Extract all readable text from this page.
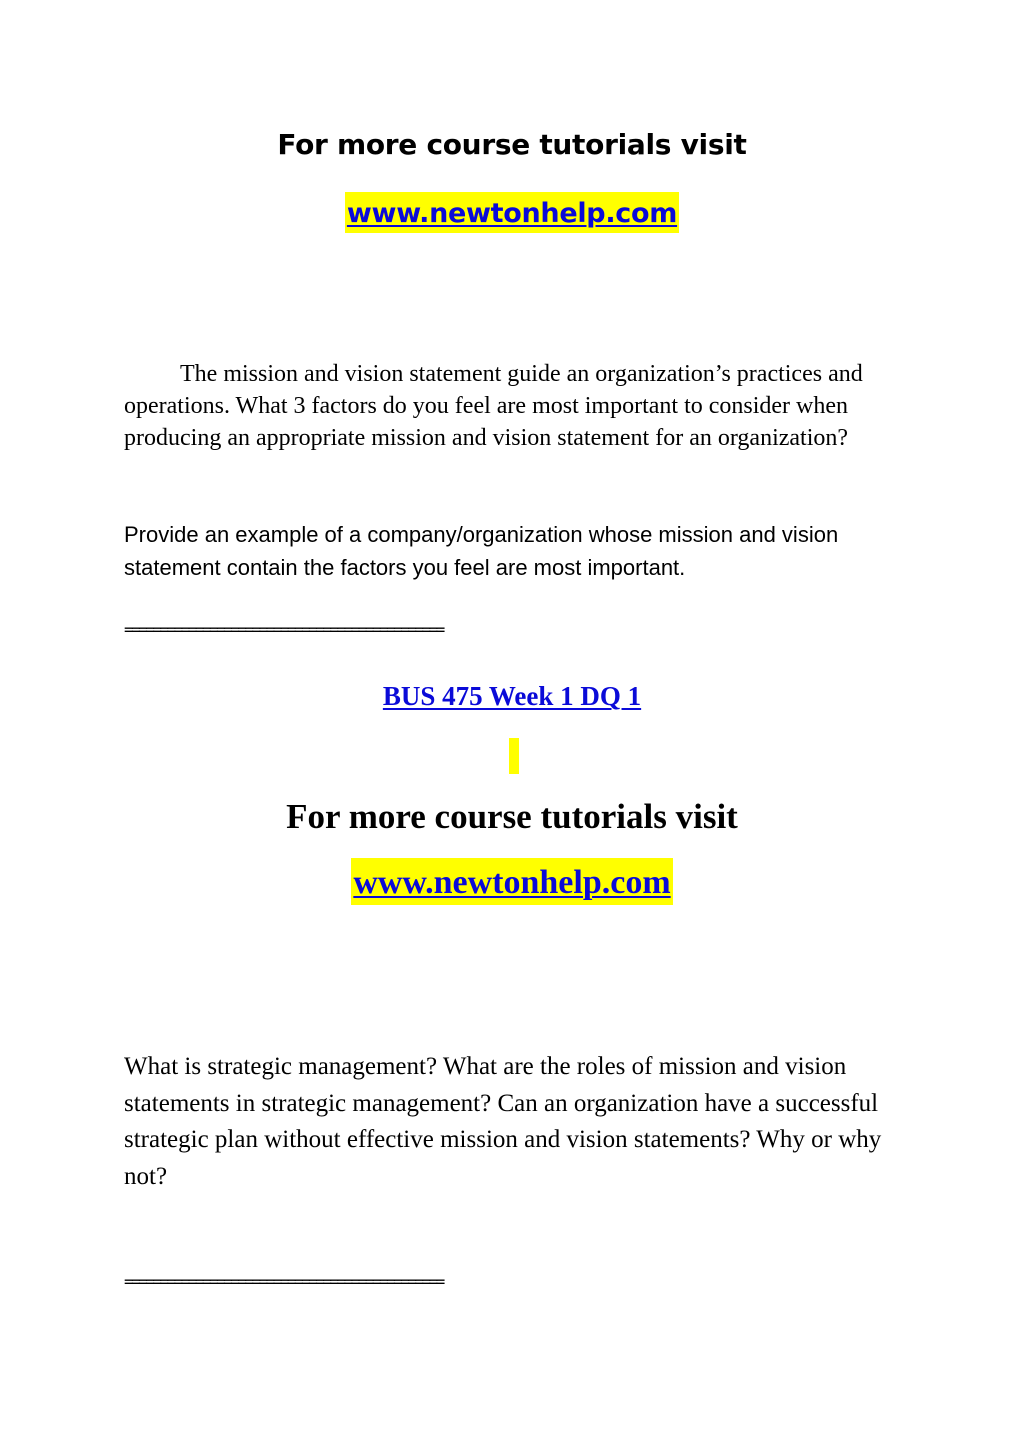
For more course tutorials visit
www.newtonhelp.com
The mission and vision statement guide an organization’s practices and operations. What 3 factors do you feel are most important to consider when producing an appropriate mission and vision statement for an organization?
Provide an example of a company/organization whose mission and vision statement contain the factors you feel are most important.
=============================================
BUS 475 Week 1 DQ 1
For more course tutorials visit
www.newtonhelp.com
What is strategic management? What are the roles of mission and vision statements in strategic management? Can an organization have a successful strategic plan without effective mission and vision statements? Why or why not?
=============================================
